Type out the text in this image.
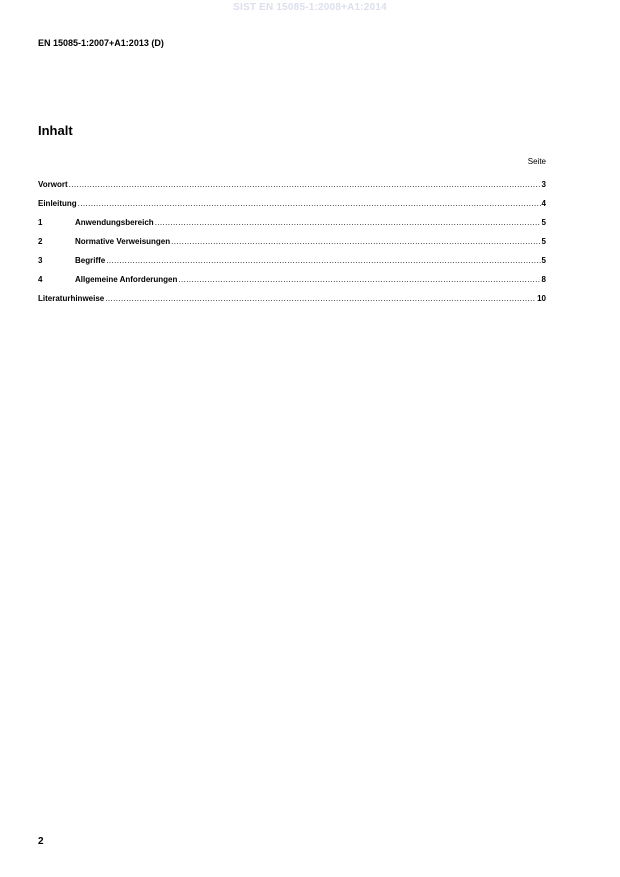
SIST EN 15085-1:2008+A1:2014
EN 15085-1:2007+A1:2013 (D)
Inhalt
Seite
Vorwort .....	3
Einleitung .....	4
1	Anwendungsbereich .....	5
2	Normative Verweisungen .....	5
3	Begriffe .....	5
4	Allgemeine Anforderungen .....	8
Literaturhinweise .....	10
2
